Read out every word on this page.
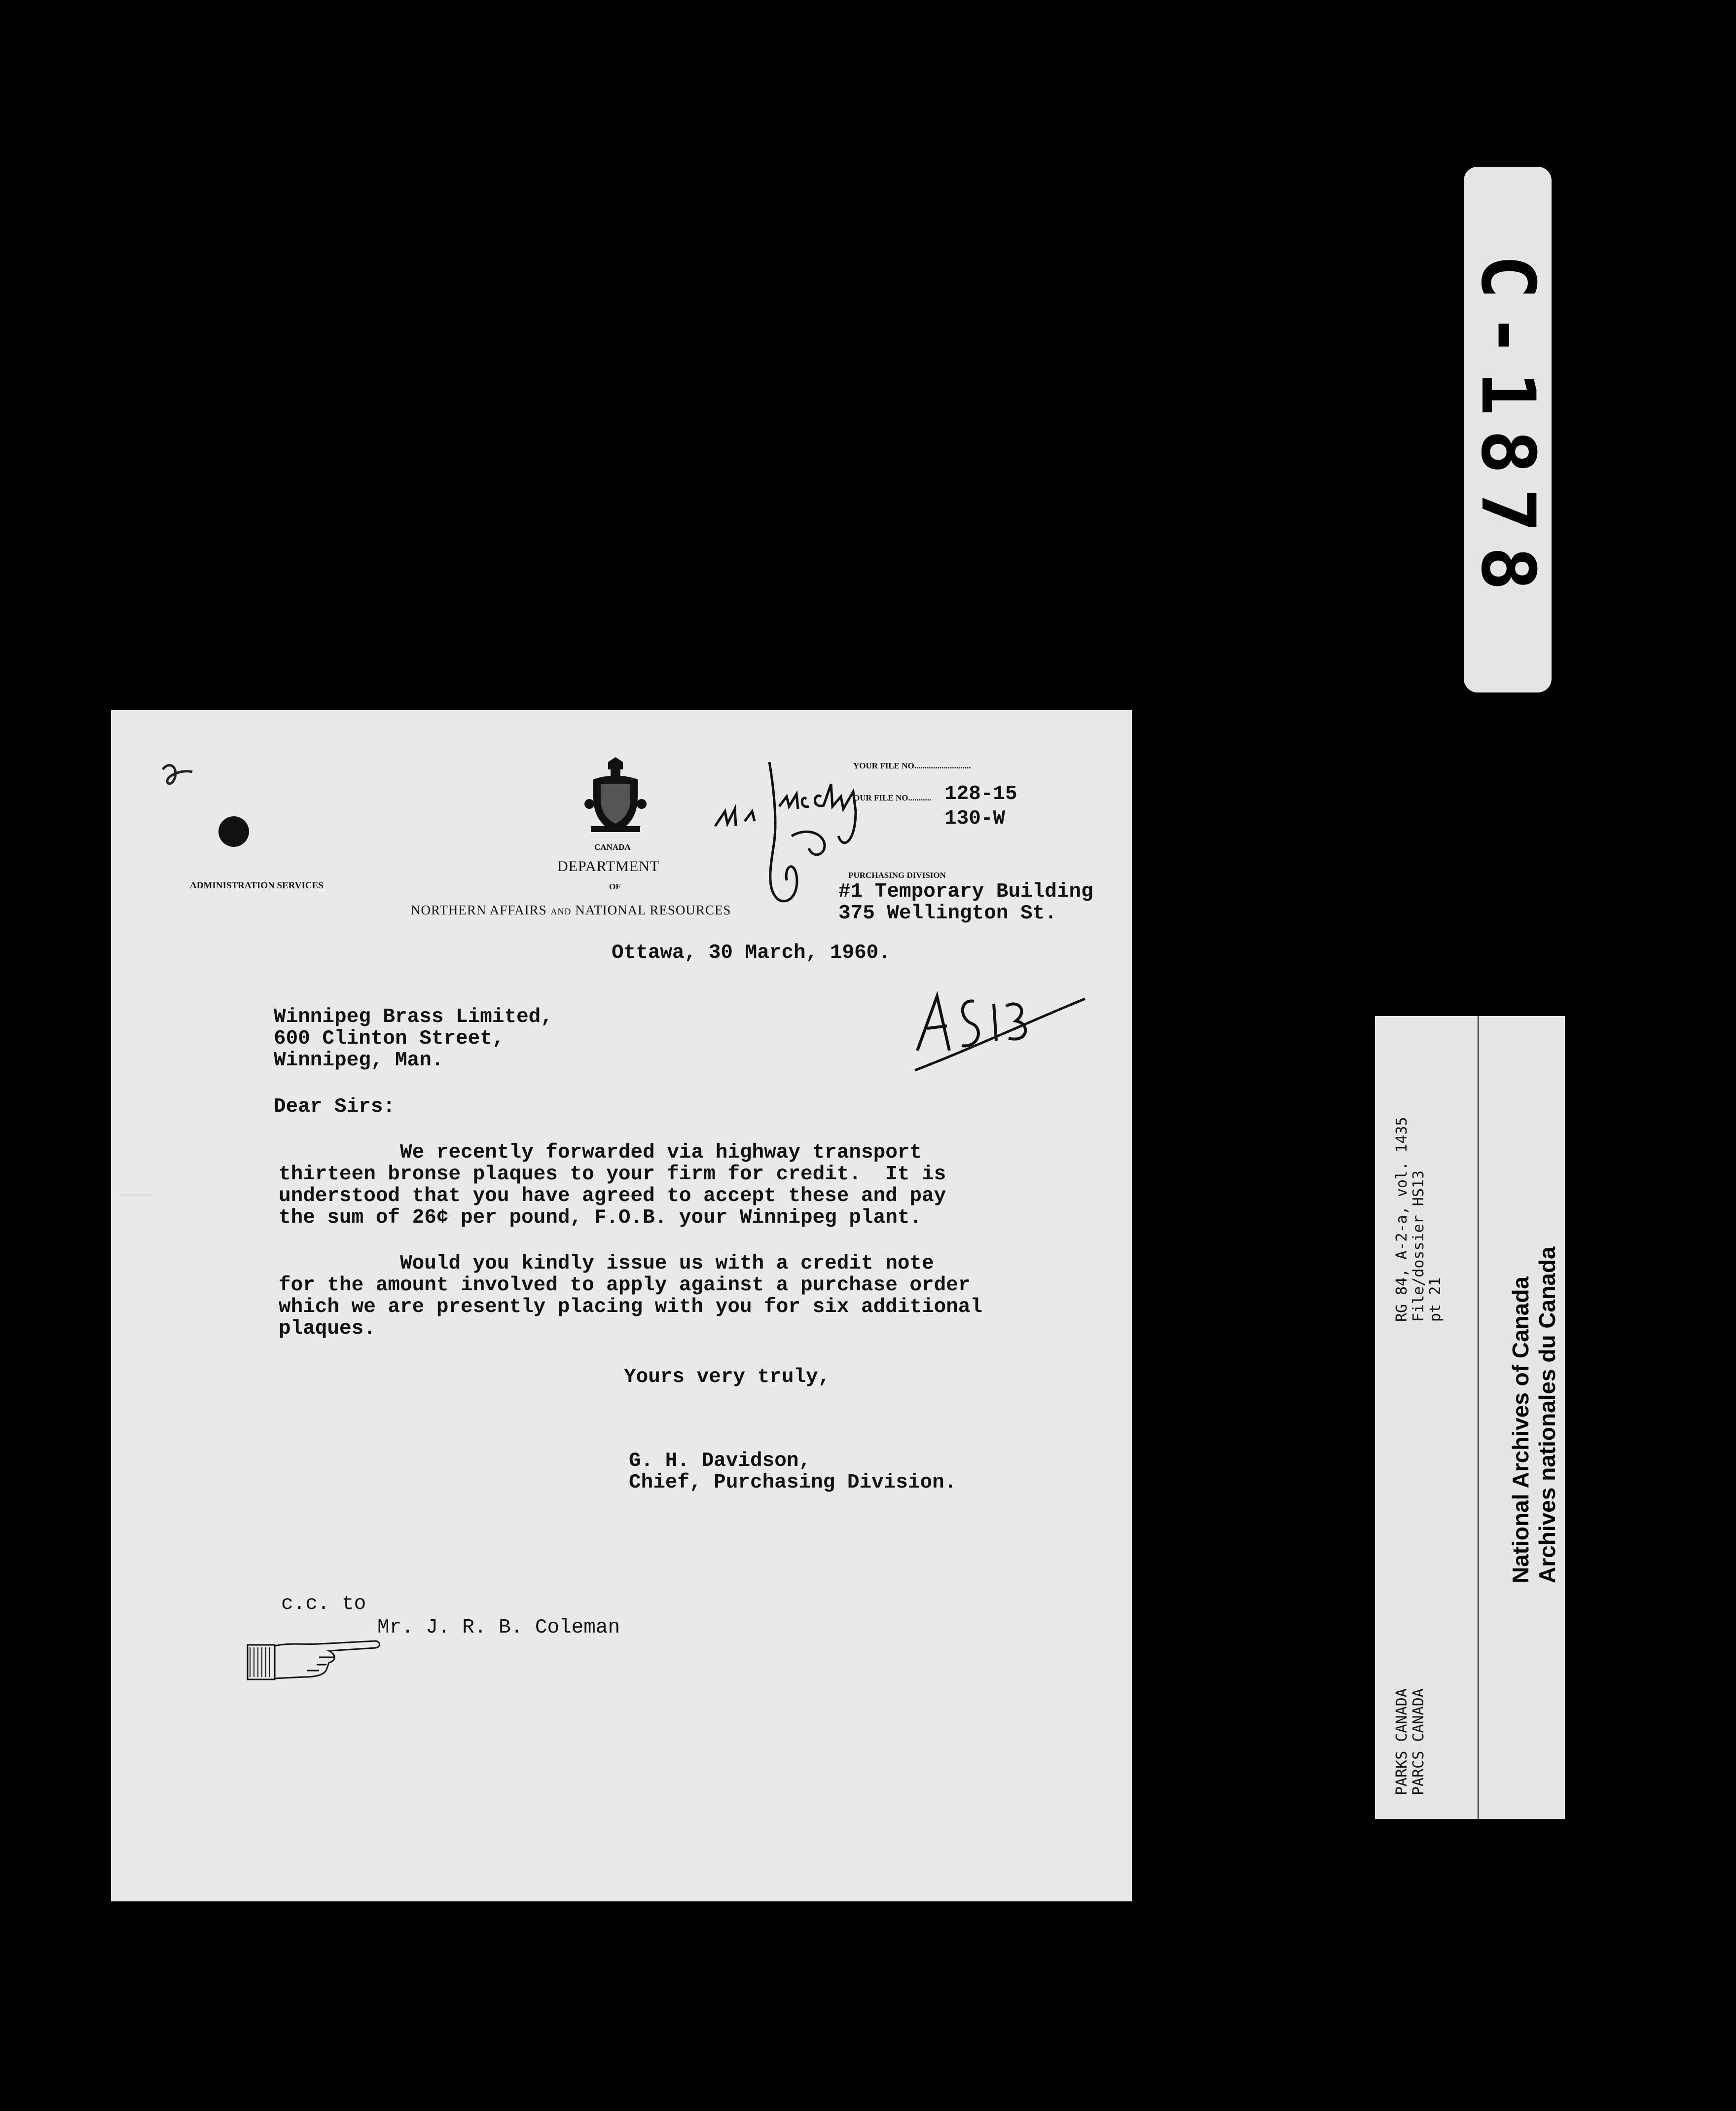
CANADA
DEPARTMENT
OF
NORTHERN AFFAIRS AND NATIONAL RESOURCES
ADMINISTRATION SERVICES
YOUR FILE NO...........................
OUR FILE NO........... 128-15
130-W
PURCHASING DIVISION
#1 Temporary Building
375 Wellington St.
Ottawa, 30 March, 1960.
Winnipeg Brass Limited,
600 Clinton Street,
Winnipeg, Man.
Dear Sirs:
We recently forwarded via highway transport
thirteen bronse plaques to your firm for credit.  It is
understood that you have agreed to accept these and pay
the sum of 26¢ per pound, F.O.B. your Winnipeg plant.
Would you kindly issue us with a credit note
for the amount involved to apply against a purchase order
which we are presently placing with you for six additional
plaques.
Yours very truly,
G. H. Davidson,
Chief, Purchasing Division.
c.c. to
Mr. J. R. B. Coleman
C-1878
RG 84, A-2-a, vol. 1435 File/dossier HS13 pt 21
PARKS CANADA PARCS CANADA
National Archives of Canada Archives nationales du Canada
